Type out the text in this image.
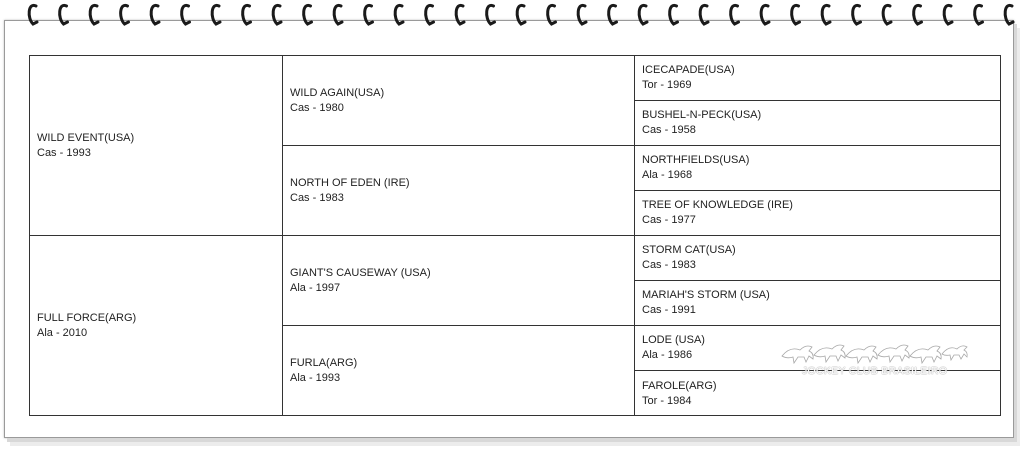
WILD EVENT(USA)
Cas - 1993
FULL FORCE(ARG)
Ala - 2010
WILD AGAIN(USA)
Cas - 1980
NORTH OF EDEN (IRE)
Cas - 1983
GIANT'S CAUSEWAY (USA)
Ala - 1997
FURLA(ARG)
Ala - 1993
ICECAPADE(USA)
Tor - 1969
BUSHEL-N-PECK(USA)
Cas - 1958
NORTHFIELDS(USA)
Ala - 1968
TREE OF KNOWLEDGE (IRE)
Cas - 1977
STORM CAT(USA)
Cas - 1983
MARIAH'S STORM (USA)
Cas - 1991
LODE (USA)
Ala - 1986
FAROLE(ARG)
Tor - 1984
JOCKEY CLUB BRASILEIRO
